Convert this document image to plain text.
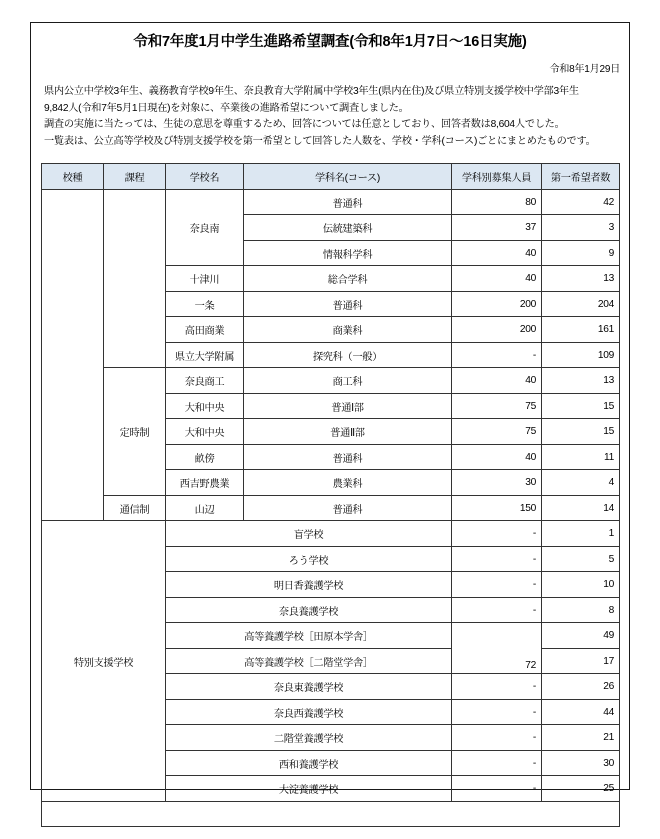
令和7年度1月中学生進路希望調査(令和8年1月7日～16日実施)
令和8年1月29日
県内公立中学校3年生、義務教育学校9年生、奈良教育大学附属中学校3年生(県内在住)及び県立特別支援学校中学部3年生
9,842人(令和7年5月1日現在)を対象に、卒業後の進路希望について調査しました。
調査の実施に当たっては、生徒の意思を尊重するため、回答については任意としており、回答者数は8,604人でした。
一覧表は、公立高等学校及び特別支援学校を第一希望として回答した人数を、学校・学科(コース)ごとにまとめたものです。
校種	課程	学校名	学科名(コース)	学科別募集人員	第一希望者数
		奈良南	普通科	80	42
			伝統建築科	37	3
			情報科学科	40	9
		十津川	総合学科	40	13
		一条	普通科	200	204
		高田商業	商業科	200	161
		県立大学附属	探究科（一般）	-	109
	定時制	奈良商工	商工科	40	13
		大和中央	普通Ⅰ部	75	15
		大和中央	普通Ⅱ部	75	15
		畝傍	普通科	40	11
		西吉野農業	農業科	30	4
	通信制	山辺	普通科	150	14
特別支援学校		盲学校		-	1
		ろう学校		-	5
		明日香養護学校		-	10
		奈良養護学校		-	8
		高等養護学校［田原本学舎］		72	49
		高等養護学校［二階堂学舎］			17
		奈良東養護学校		-	26
		奈良西養護学校		-	44
		二階堂養護学校		-	21
		西和養護学校		-	30
		大淀養護学校		-	25
